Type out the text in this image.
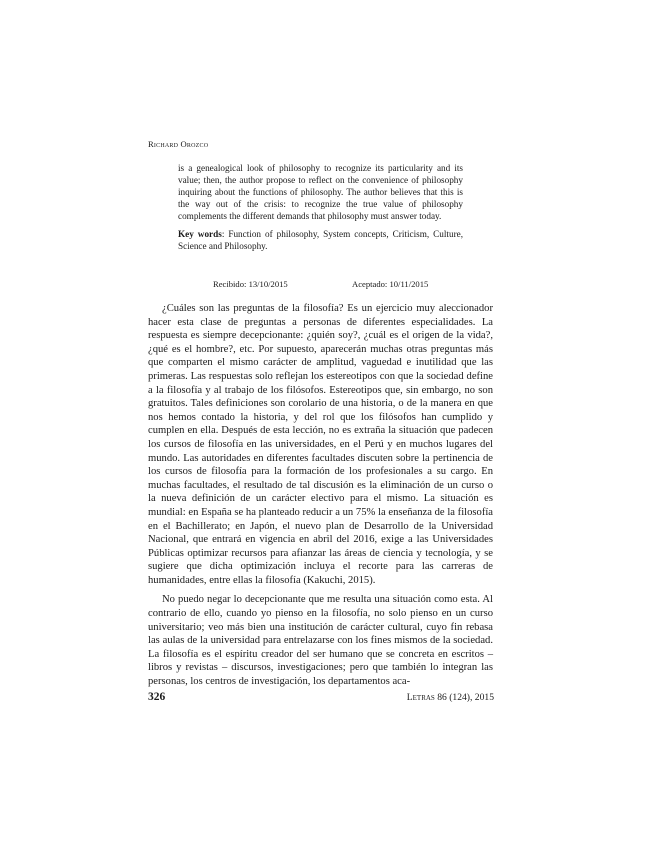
Richard Orozco

is a genealogical look of philosophy to recognize its particularity and its value; then, the author propose to reflect on the convenience of philosophy inquiring about the functions of philosophy. The author believes that this is the way out of the crisis: to recognize the true value of philosophy complements the different demands that philosophy must answer today.

Key words: Function of philosophy, System concepts, Criticism, Culture, Science and Philosophy.

Recibido: 13/10/2015	Aceptado: 10/11/2015

¿Cuáles son las preguntas de la filosofía? Es un ejercicio muy aleccionador hacer esta clase de preguntas a personas de diferentes especialidades. La respuesta es siempre decepcionante: ¿quién soy?, ¿cuál es el origen de la vida?, ¿qué es el hombre?, etc. Por supuesto, aparecerán muchas otras preguntas más que comparten el mismo carácter de amplitud, vaguedad e inutilidad que las primeras. Las respuestas solo reflejan los estereotipos con que la sociedad define a la filosofía y al trabajo de los filósofos. Estereotipos que, sin embargo, no son gratuitos. Tales definiciones son corolario de una historia, o de la manera en que nos hemos contado la historia, y del rol que los filósofos han cumplido y cumplen en ella. Después de esta lección, no es extraña la situación que padecen los cursos de filosofía en las universidades, en el Perú y en muchos lugares del mundo. Las autoridades en diferentes facultades discuten sobre la pertinencia de los cursos de filosofía para la formación de los profesionales a su cargo. En muchas facultades, el resultado de tal discusión es la eliminación de un curso o la nueva definición de un carácter electivo para el mismo. La situación es mundial: en España se ha planteado reducir a un 75% la enseñanza de la filosofía en el Bachillerato; en Japón, el nuevo plan de Desarrollo de la Universidad Nacional, que entrará en vigencia en abril del 2016, exige a las Universidades Públicas optimizar recursos para afianzar las áreas de ciencia y tecnología, y se sugiere que dicha optimización incluya el recorte para las carreras de humanidades, entre ellas la filosofía (Kakuchi, 2015).

No puedo negar lo decepcionante que me resulta una situación como esta. Al contrario de ello, cuando yo pienso en la filosofía, no solo pienso en un curso universitario; veo más bien una institución de carácter cultural, cuyo fin rebasa las aulas de la universidad para entrelazarse con los fines mismos de la sociedad. La filosofía es el espíritu creador del ser humano que se concreta en escritos – libros y revistas – discursos, investigaciones; pero que también lo integran las personas, los centros de investigación, los departamentos aca-

326	Letras 86 (124), 2015
